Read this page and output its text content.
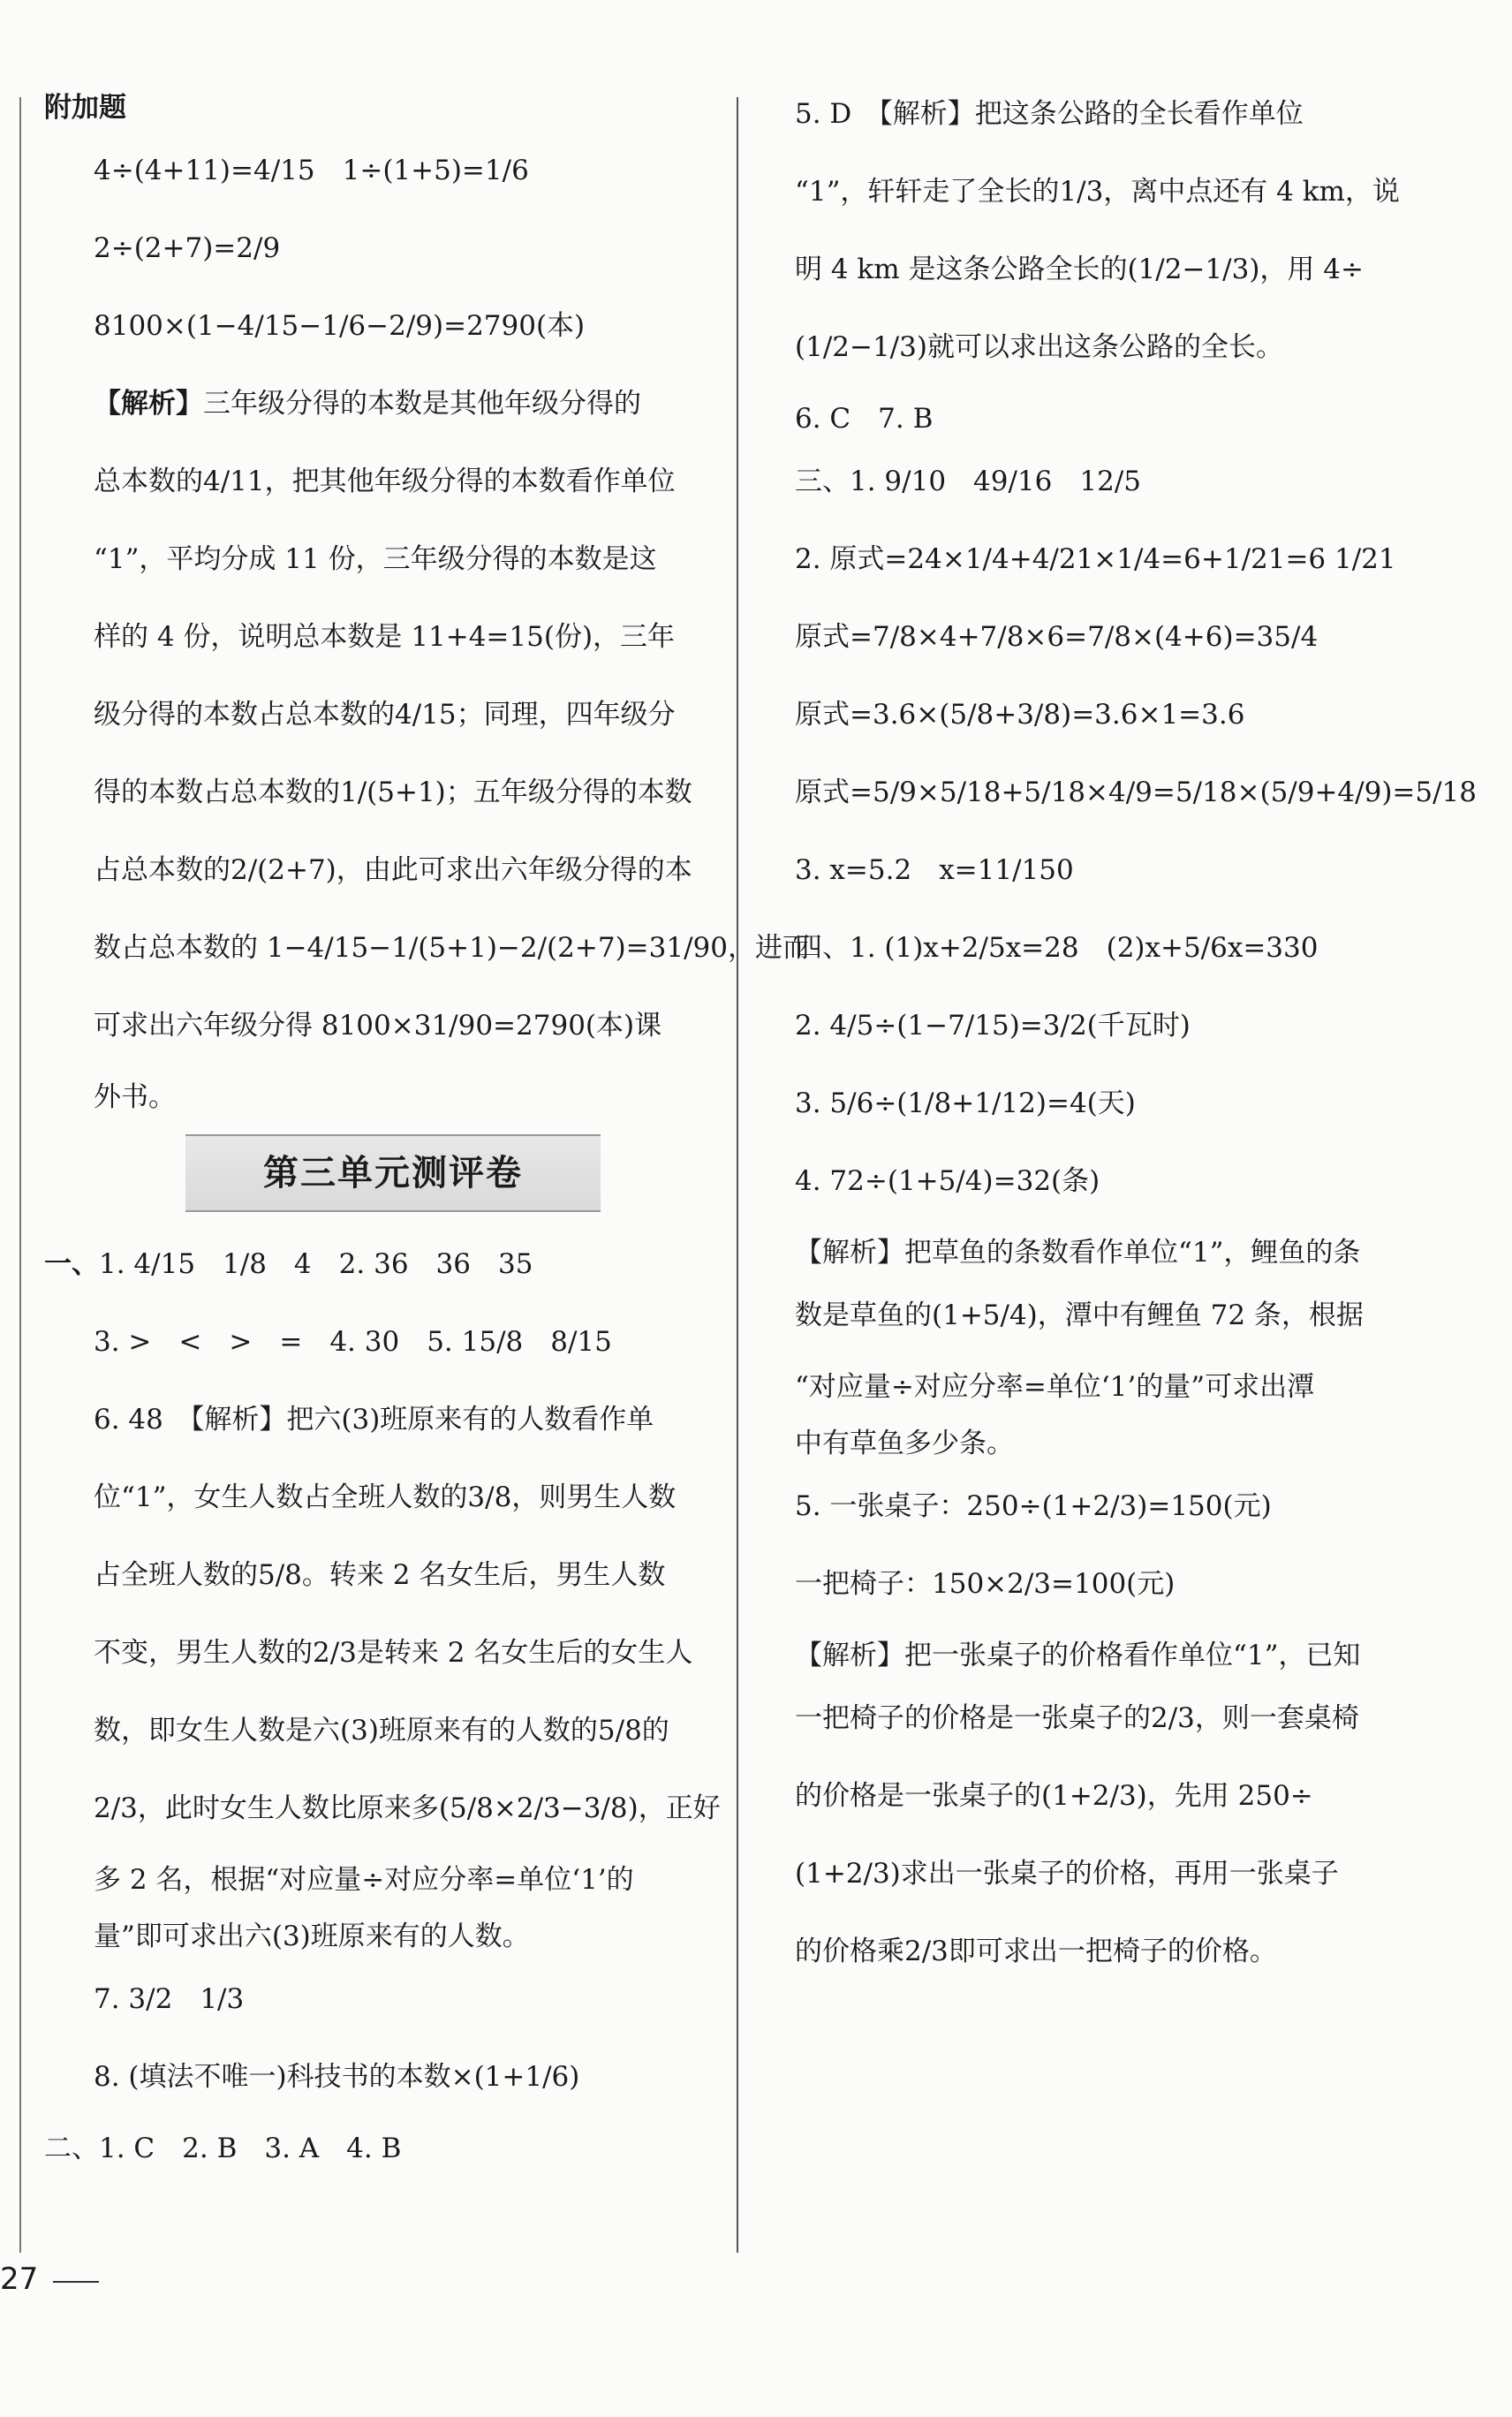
附加题
4÷(4+11)=4/15　1÷(1+5)=1/6
2÷(2+7)=2/9
8100×(1−4/15−1/6−2/9)=2790(本)
【解析】三年级分得的本数是其他年级分得的
总本数的4/11，把其他年级分得的本数看作单位
“1”，平均分成 11 份，三年级分得的本数是这
样的 4 份，说明总本数是 11+4=15(份)，三年
级分得的本数占总本数的4/15；同理，四年级分
得的本数占总本数的1/(5+1)；五年级分得的本数
占总本数的2/(2+7)，由此可求出六年级分得的本
数占总本数的 1−4/15−1/(5+1)−2/(2+7)=31/90，进而
可求出六年级分得 8100×31/90=2790(本)课
外书。
第三单元测评卷
一、1. 4/15　1/8　4　2. 36　36　35
3. >　<　>　=　4. 30　5. 15/8　8/15
6. 48　【解析】把六(3)班原来有的人数看作单
位“1”，女生人数占全班人数的3/8，则男生人数
占全班人数的5/8。转来 2 名女生后，男生人数
不变，男生人数的2/3是转来 2 名女生后的女生人
数，即女生人数是六(3)班原来有的人数的5/8的
2/3，此时女生人数比原来多(5/8×2/3−3/8)，正好
多 2 名，根据“对应量÷对应分率=单位‘1’的
量”即可求出六(3)班原来有的人数。
7. 3/2　1/3
8. (填法不唯一)科技书的本数×(1+1/6)
二、1. C　2. B　3. A　4. B
5. D　【解析】把这条公路的全长看作单位
“1”，轩轩走了全长的1/3，离中点还有 4 km，说
明 4 km 是这条公路全长的(1/2−1/3)，用 4÷
(1/2−1/3)就可以求出这条公路的全长。
6. C　7. B
三、1. 9/10　49/16　12/5
2. 原式=24×1/4+4/21×1/4=6+1/21=6 1/21
原式=7/8×4+7/8×6=7/8×(4+6)=35/4
原式=3.6×(5/8+3/8)=3.6×1=3.6
原式=5/9×5/18+5/18×4/9=5/18×(5/9+4/9)=5/18
3. x=5.2　x=11/150
四、1. (1)x+2/5x=28　(2)x+5/6x=330
2. 4/5÷(1−7/15)=3/2(千瓦时)
3. 5/6÷(1/8+1/12)=4(天)
4. 72÷(1+5/4)=32(条)
【解析】把草鱼的条数看作单位“1”，鲤鱼的条
数是草鱼的(1+5/4)，潭中有鲤鱼 72 条，根据
“对应量÷对应分率=单位‘1’的量”可求出潭
中有草鱼多少条。
5. 一张桌子：250÷(1+2/3)=150(元)
一把椅子：150×2/3=100(元)
【解析】把一张桌子的价格看作单位“1”，已知
一把椅子的价格是一张桌子的2/3，则一套桌椅
的价格是一张桌子的(1+2/3)，先用 250÷
(1+2/3)求出一张桌子的价格，再用一张桌子
的价格乘2/3即可求出一把椅子的价格。
27
